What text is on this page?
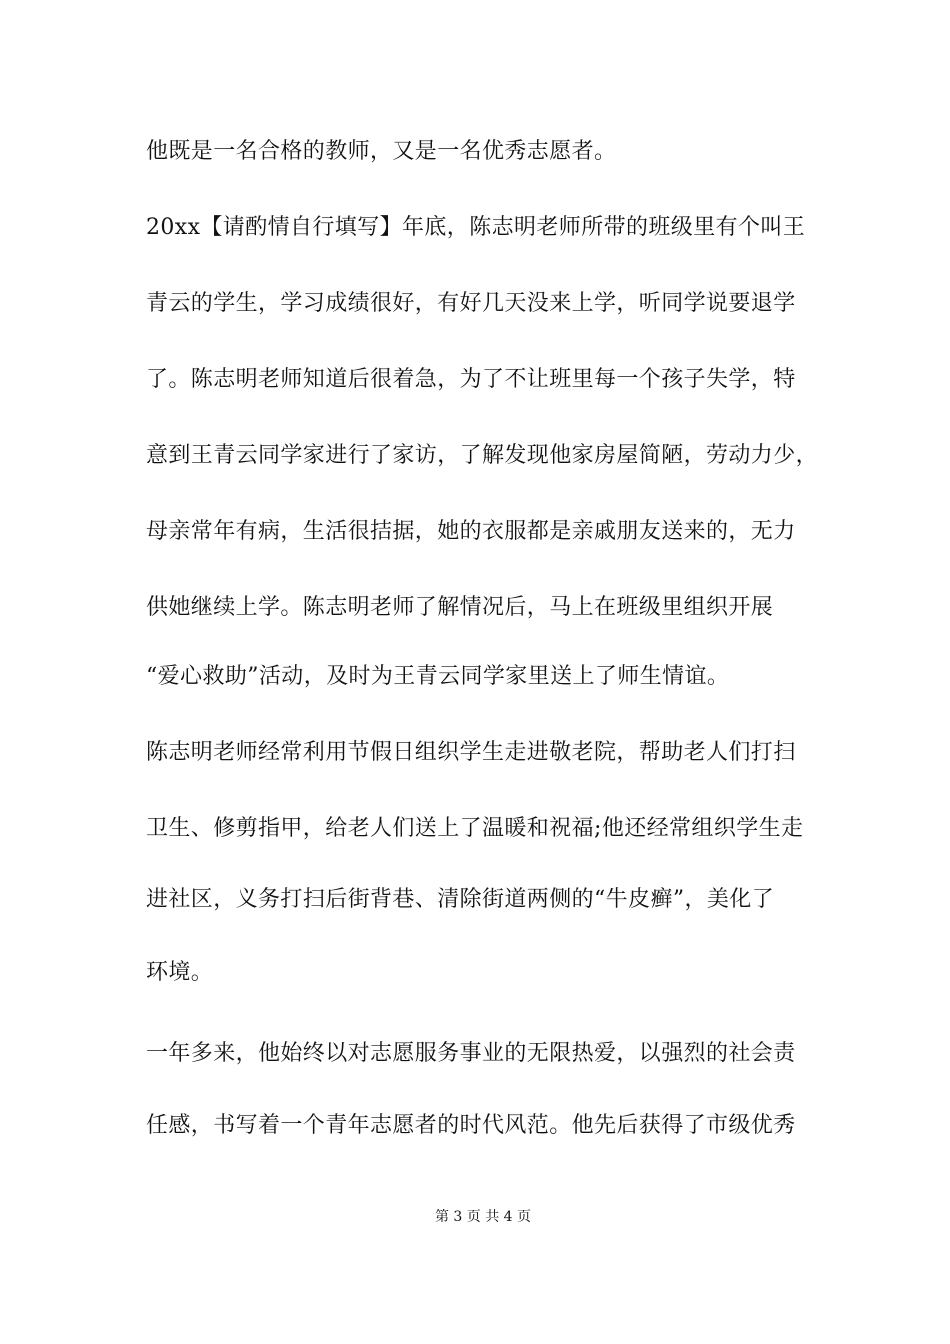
他既是一名合格的教师，又是一名优秀志愿者。
20xx【请酌情自行填写】年底，陈志明老师所带的班级里有个叫王
青云的学生，学习成绩很好，有好几天没来上学，听同学说要退学
了。陈志明老师知道后很着急，为了不让班里每一个孩子失学，特
意到王青云同学家进行了家访，了解发现他家房屋简陋，劳动力少，
母亲常年有病，生活很拮据，她的衣服都是亲戚朋友送来的，无力
供她继续上学。陈志明老师了解情况后，马上在班级里组织开展
“爱心救助”活动，及时为王青云同学家里送上了师生情谊。
陈志明老师经常利用节假日组织学生走进敬老院，帮助老人们打扫
卫生、修剪指甲，给老人们送上了温暖和祝福;他还经常组织学生走
进社区，义务打扫后街背巷、清除街道两侧的“牛皮癣”，美化了
环境。
一年多来，他始终以对志愿服务事业的无限热爱，以强烈的社会责
任感，书写着一个青年志愿者的时代风范。他先后获得了市级优秀
第 3 页 共 4 页
